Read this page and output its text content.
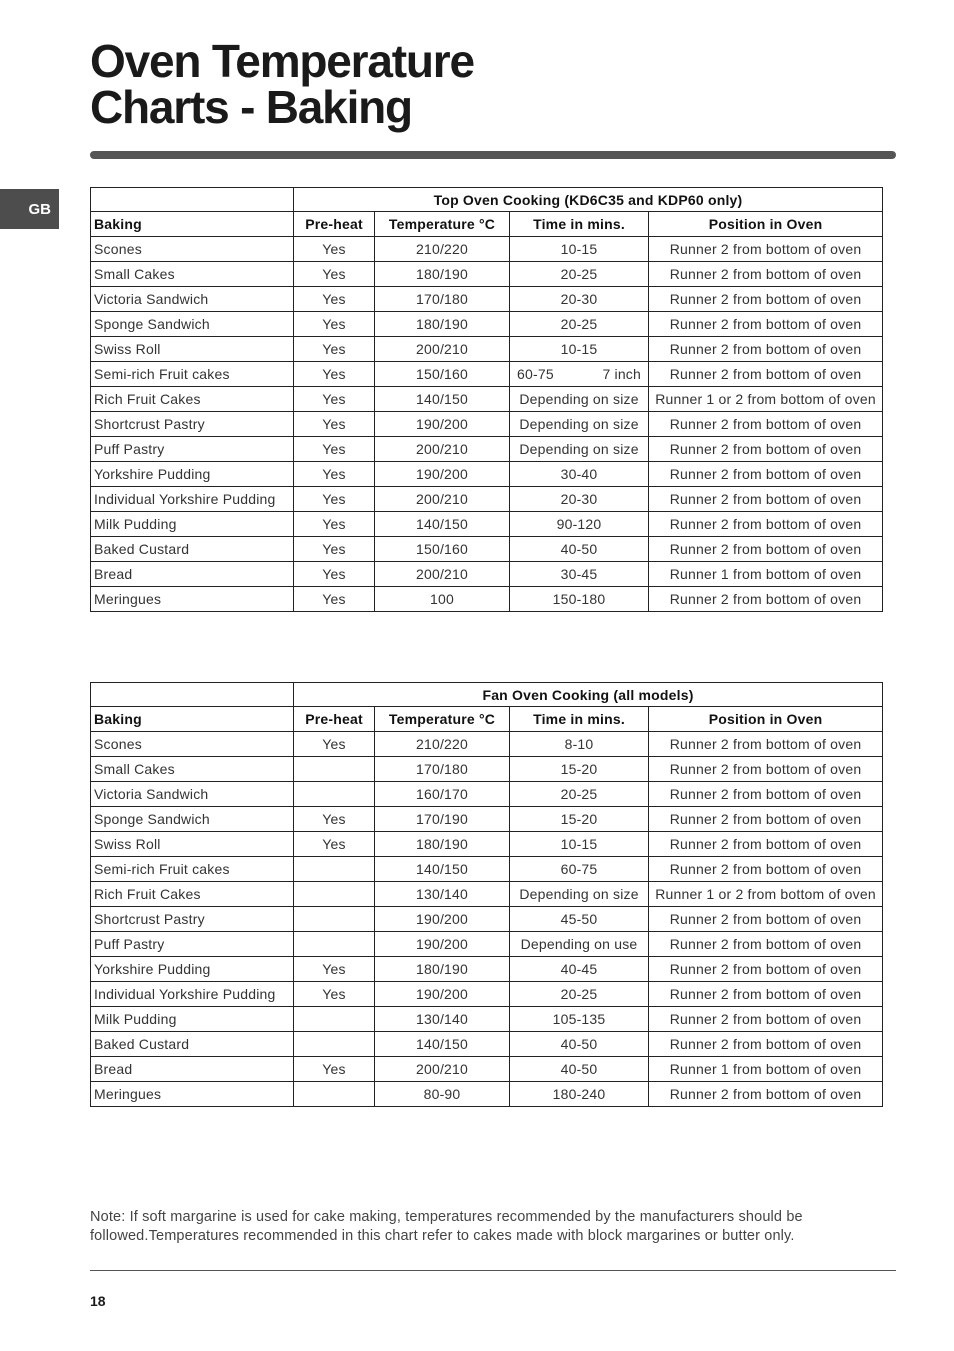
Oven Temperature
Charts - Baking
GB
	Top Oven Cooking (KD6C35 and KDP60 only)			
Baking	Pre-heat	Temperature °C	Time in mins.	Position in Oven
Scones	Yes	210/220	10-15	Runner 2 from bottom of oven
Small Cakes	Yes	180/190	20-25	Runner 2 from bottom of oven
Victoria Sandwich	Yes	170/180	20-30	Runner 2 from bottom of oven
Sponge Sandwich	Yes	180/190	20-25	Runner 2 from bottom of oven
Swiss Roll	Yes	200/210	10-15	Runner 2 from bottom of oven
Semi-rich Fruit cakes	Yes	150/160	60-75 7 inch	Runner 2 from bottom of oven
Rich Fruit Cakes	Yes	140/150	Depending on size	Runner 1 or 2 from bottom of oven
Shortcrust Pastry	Yes	190/200	Depending on size	Runner 2 from bottom of oven
Puff Pastry	Yes	200/210	Depending on size	Runner 2 from bottom of oven
Yorkshire Pudding	Yes	190/200	30-40	Runner 2 from bottom of oven
Individual Yorkshire Pudding	Yes	200/210	20-30	Runner 2 from bottom of oven
Milk Pudding	Yes	140/150	90-120	Runner 2 from bottom of oven
Baked Custard	Yes	150/160	40-50	Runner 2 from bottom of oven
Bread	Yes	200/210	30-45	Runner 1 from bottom of oven
Meringues	Yes	100	150-180	Runner 2 from bottom of oven
	Fan Oven Cooking (all models)			
Baking	Pre-heat	Temperature °C	Time in mins.	Position in Oven
Scones	Yes	210/220	8-10	Runner 2 from bottom of oven
Small Cakes		170/180	15-20	Runner 2 from bottom of oven
Victoria Sandwich		160/170	20-25	Runner 2 from bottom of oven
Sponge Sandwich	Yes	170/190	15-20	Runner 2 from bottom of oven
Swiss Roll	Yes	180/190	10-15	Runner 2 from bottom of oven
Semi-rich Fruit cakes		140/150	60-75	Runner 2 from bottom of oven
Rich Fruit Cakes		130/140	Depending on size	Runner 1 or 2 from bottom of oven
Shortcrust Pastry		190/200	45-50	Runner 2 from bottom of oven
Puff Pastry		190/200	Depending on use	Runner 2 from bottom of oven
Yorkshire Pudding	Yes	180/190	40-45	Runner 2 from bottom of oven
Individual Yorkshire Pudding	Yes	190/200	20-25	Runner 2 from bottom of oven
Milk Pudding		130/140	105-135	Runner 2 from bottom of oven
Baked Custard		140/150	40-50	Runner 2 from bottom of oven
Bread	Yes	200/210	40-50	Runner 1 from bottom of oven
Meringues		80-90	180-240	Runner 2 from bottom of oven

Note: If soft margarine is used for cake making, temperatures recommended by the manufacturers should be followed.Temperatures recommended in this chart refer to cakes made with block margarines or butter only.

18
